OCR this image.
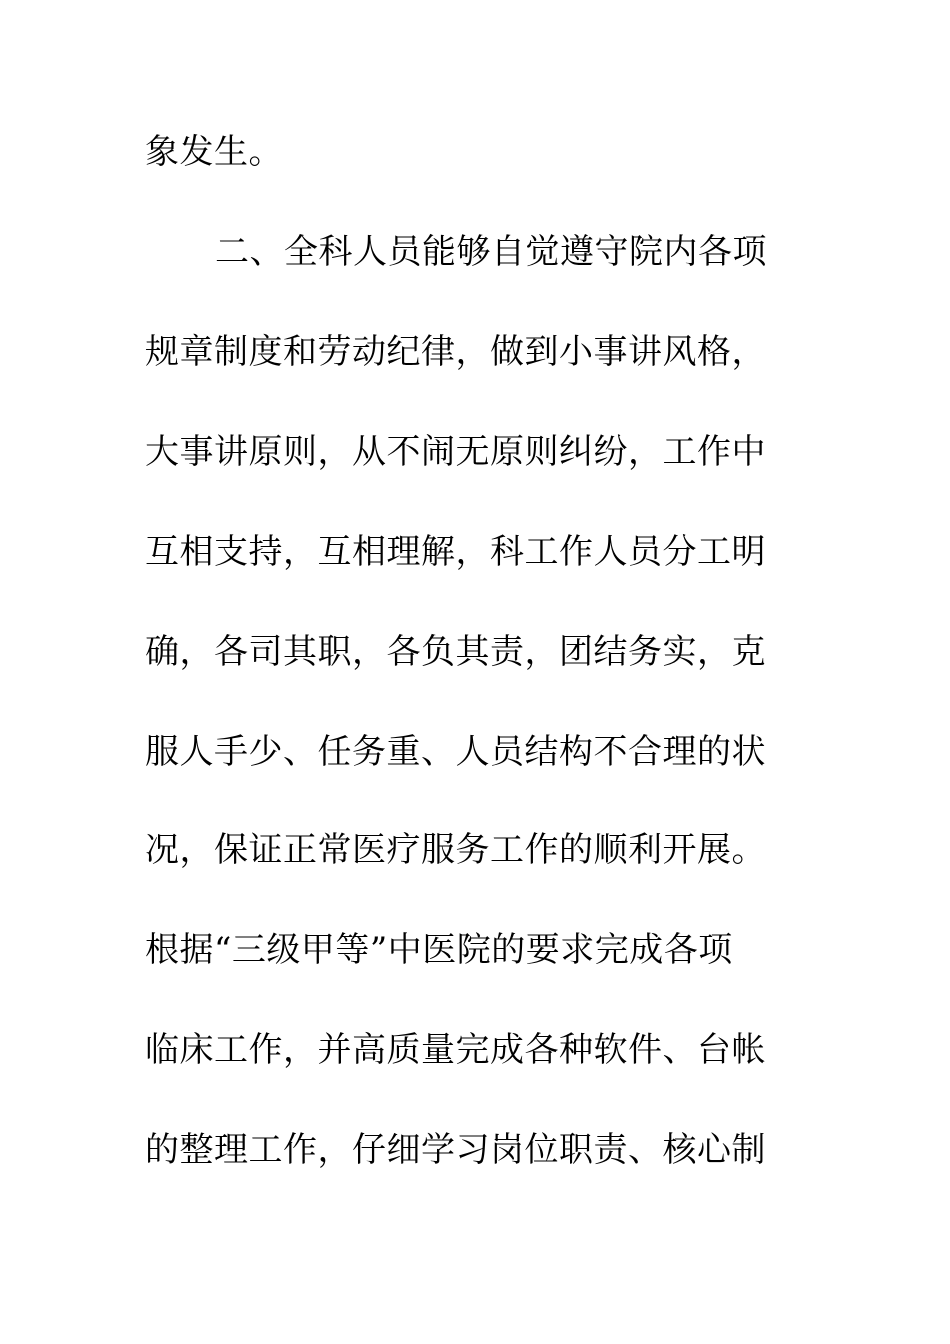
象发生。
二、全科人员能够自觉遵守院内各项
规章制度和劳动纪律，做到小事讲风格，
大事讲原则，从不闹无原则纠纷，工作中
互相支持，互相理解，科工作人员分工明
确，各司其职，各负其责，团结务实，克
服人手少、任务重、人员结构不合理的状
况，保证正常医疗服务工作的顺利开展。
根据“三级甲等”中医院的要求完成各项
临床工作，并高质量完成各种软件、台帐
的整理工作，仔细学习岗位职责、核心制
